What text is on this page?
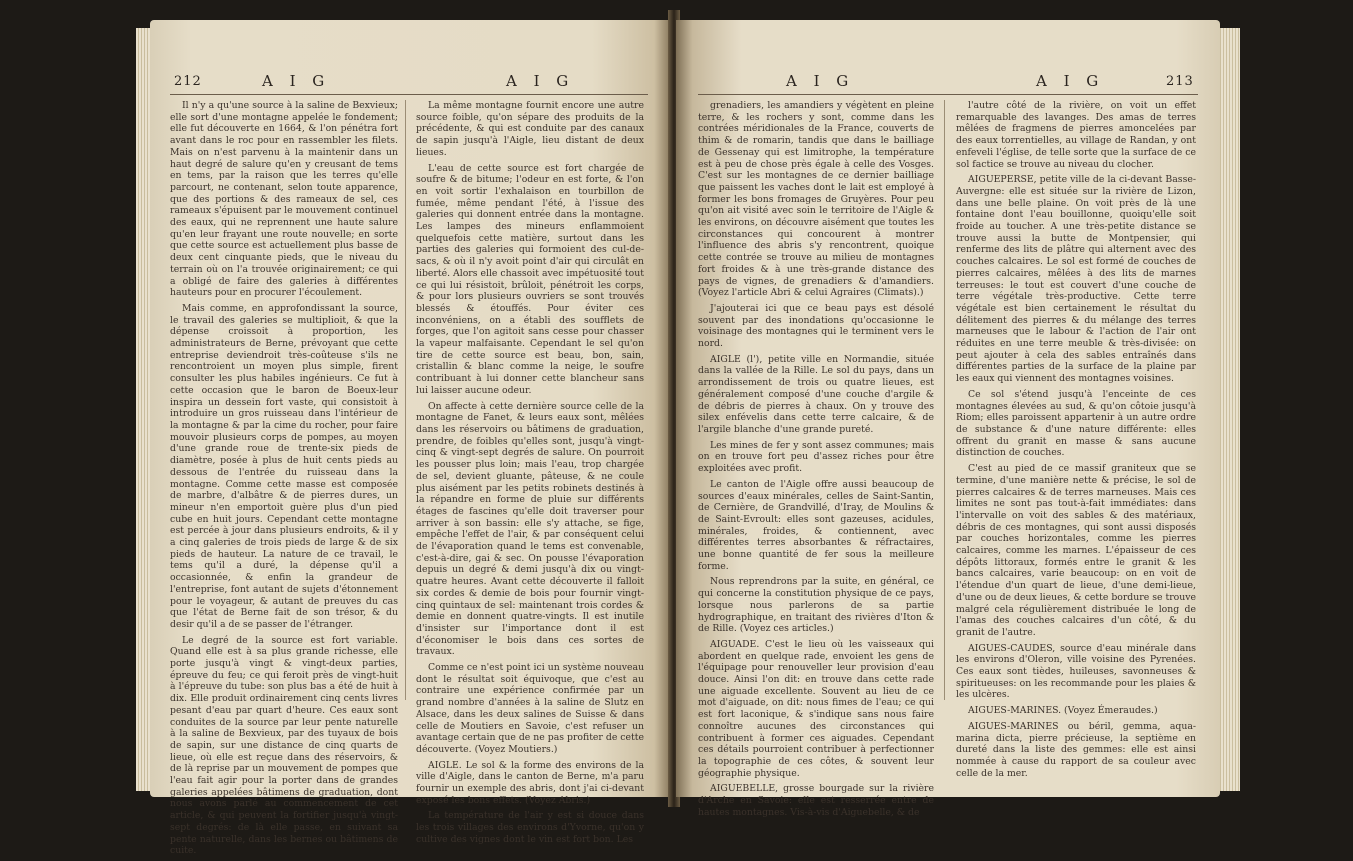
212	A I G	A I G

Il n'y a qu'une source à la saline de Bexvieux; elle sort d'une montagne appelée le fondement; elle fut découverte en 1664, & l'on pénétra fort avant dans le roc pour en rassembler les filets. Mais on n'est parvenu à la maintenir dans un haut degré de salure qu'en y creusant de tems en tems, par la raison que les terres qu'elle parcourt, ne contenant, selon toute apparence, que des portions & des rameaux de sel, ces rameaux s'épuisent par le mouvement continuel des eaux, qui ne reprennent une haute salure qu'en leur frayant une route nouvelle; en sorte que cette source est actuellement plus basse de deux cent cinquante pieds, que le niveau du terrain où on l'a trouvée originairement; ce qui a obligé de faire des galeries à différentes hauteurs pour en procurer l'écoulement.

Mais comme, en approfondissant la source, le travail des galeries se multiplioit, & que la dépense croissoit à proportion, les administrateurs de Berne, prévoyant que cette entreprise deviendroit très-coûteuse s'ils ne rencontroient un moyen plus simple, firent consulter les plus habiles ingénieurs. Ce fut à cette occasion que le baron de Boeux-leur inspira un dessein fort vaste, qui consistoit à introduire un gros ruisseau dans l'intérieur de la montagne & par la cime du rocher, pour faire mouvoir plusieurs corps de pompes, au moyen d'une grande roue de trente-six pieds de diamètre, posée à plus de huit cents pieds au dessous de l'entrée du ruisseau dans la montagne. Comme cette masse est composée de marbre, d'albâtre & de pierres dures, un mineur n'en emportoit guère plus d'un pied cube en huit jours. Cependant cette montagne est percée à jour dans plusieurs endroits, & il y a cinq galeries de trois pieds de large & de six pieds de hauteur. La nature de ce travail, le tems qu'il a duré, la dépense qu'il a occasionnée, & enfin la grandeur de l'entreprise, font autant de sujets d'étonnement pour le voyageur, & autant de preuves du cas que l'état de Berne fait de son trésor, & du desir qu'il a de se passer de l'étranger.

Le degré de la source est fort variable. Quand elle est à sa plus grande richesse, elle porte jusqu'à vingt & vingt-deux parties, épreuve du feu; ce qui feroit près de vingt-huit à l'épreuve du tube: son plus bas a été de huit à dix. Elle produit ordinairement cinq cents livres pesant d'eau par quart d'heure. Ces eaux sont conduites de la source par leur pente naturelle à la saline de Bexvieux, par des tuyaux de bois de sapin, sur une distance de cinq quarts de lieue, où elle est reçue dans des réservoirs, & de là reprise par un mouvement de pompes que l'eau fait agir pour la porter dans de grandes galeries appelées bâtimens de graduation, dont nous avons parlé au commencement de cet article, & qui peuvent la fortifier jusqu'à vingt-sept degrés: de là elle passe, en suivant sa pente naturelle, dans les bernes ou bâtimens de cuite.

La même montagne fournit encore une autre source foible, qu'on sépare des produits de la précédente, & qui est conduite par des canaux de sapin jusqu'à l'Aigle, lieu distant de deux lieues.

L'eau de cette source est fort chargée de soufre & de bitume; l'odeur en est forte, & l'on en voit sortir l'exhalaison en tourbillon de fumée, même pendant l'été, à l'issue des galeries qui donnent entrée dans la montagne. Les lampes des mineurs enflammoient quelquefois cette matière, surtout dans les parties des galeries qui formoient des cul-de-sacs, & où il n'y avoit point d'air qui circulât en liberté. Alors elle chassoit avec impétuosité tout ce qui lui résistoit, brûloit, pénétroit les corps, & pour lors plusieurs ouvriers se sont trouvés blessés & étouffés. Pour éviter ces inconvéniens, on a établi des soufflets de forges, que l'on agitoit sans cesse pour chasser la vapeur malfaisante. Cependant le sel qu'on tire de cette source est beau, bon, sain, cristallin & blanc comme la neige, le soufre contribuant à lui donner cette blancheur sans lui laisser aucune odeur.

On affecte à cette dernière source celle de la montagne de Fanet, & leurs eaux sont, mêlées dans les réservoirs ou bâtimens de graduation, prendre, de foibles qu'elles sont, jusqu'à vingt-cinq & vingt-sept degrés de salure. On pourroit les pousser plus loin; mais l'eau, trop chargée de sel, devient gluante, pâteuse, & ne coule plus aisément par les petits robinets destinés à la répandre en forme de pluie sur différents étages de fascines qu'elle doit traverser pour arriver à son bassin: elle s'y attache, se fige, empêche l'effet de l'air, & par conséquent celui de l'évaporation quand le tems est convenable, c'est-à-dire, gai & sec. On pousse l'évaporation depuis un degré & demi jusqu'à dix ou vingt-quatre heures. Avant cette découverte il falloit six cordes & demie de bois pour fournir vingt-cinq quintaux de sel: maintenant trois cordes & demie en donnent quatre-vingts. Il est inutile d'insister sur l'importance dont il est d'économiser le bois dans ces sortes de travaux.

Comme ce n'est point ici un système nouveau dont le résultat soit équivoque, que c'est au contraire une expérience confirmée par un grand nombre d'années à la saline de Slutz en Alsace, dans les deux salines de Suisse & dans celle de Moutiers en Savoie, c'est refuser un avantage certain que de ne pas profiter de cette découverte. (Voyez Moutiers.)

AIGLE. Le sol & la forme des environs de la ville d'Aigle, dans le canton de Berne, m'a paru fournir un exemple des abris, dont j'ai ci-devant exposé les bons effets. (Voyez Abris.)

La température de l'air y est si douce dans les trois villages des environs d'Yvorne, qu'on y cultive des vignes dont le vin est fort bon. Les

A I G	A I G	213

grenadiers, les amandiers y végètent en pleine terre, & les rochers y sont, comme dans les contrées méridionales de la France, couverts de thim & de romarin, tandis que dans le bailliage de Gessenay qui est limitrophe, la température est à peu de chose près égale à celle des Vosges. C'est sur les montagnes de ce dernier bailliage que paissent les vaches dont le lait est employé à former les bons fromages de Gruyères. Pour peu qu'on ait visité avec soin le territoire de l'Aigle & les environs, on découvre aisément que toutes les circonstances qui concourent à montrer l'influence des abris s'y rencontrent, quoique cette contrée se trouve au milieu de montagnes fort froides & à une très-grande distance des pays de vignes, de grenadiers & d'amandiers. (Voyez l'article Abri & celui Agraires (Climats).)

J'ajouterai ici que ce beau pays est désolé souvent par des inondations qu'occasionne le voisinage des montagnes qui le terminent vers le nord.

AIGLE (l'), petite ville en Normandie, située dans la vallée de la Rille. Le sol du pays, dans un arrondissement de trois ou quatre lieues, est généralement composé d'une couche d'argile & de débris de pierres à chaux. On y trouve des silex enfévelis dans cette terre calcaire, & de l'argile blanche d'une grande pureté.

Les mines de fer y sont assez communes; mais on en trouve fort peu d'assez riches pour être exploitées avec profit.

Le canton de l'Aigle offre aussi beaucoup de sources d'eaux minérales, celles de Saint-Santin, de Cernière, de Grandvillé, d'Iray, de Moulins & de Saint-Evroult: elles sont gazeuses, acidules, minérales, froides, & contiennent, avec différentes terres absorbantes & réfractaires, une bonne quantité de fer sous la meilleure forme.

Nous reprendrons par la suite, en général, ce qui concerne la constitution physique de ce pays, lorsque nous parlerons de sa partie hydrographique, en traitant des rivières d'Iton & de Rille. (Voyez ces articles.)

AIGUADE. C'est le lieu où les vaisseaux qui abordent en quelque rade, envoient les gens de l'équipage pour renouveller leur provision d'eau douce. Ainsi l'on dit: en trouve dans cette rade une aiguade excellente. Souvent au lieu de ce mot d'aiguade, on dit: nous fimes de l'eau; ce qui est fort laconique, & s'indique sans nous faire connoître aucunes des circonstances qui contribuent à former ces aiguades. Cependant ces détails pourroient contribuer à perfectionner la topographie de ces côtes, & souvent leur géographie physique.

AIGUEBELLE, grosse bourgade sur la rivière d'Arche en Savoie: elle est resserrée entre de hautes montagnes. Vis-à-vis d'Aiguebelle, & de

l'autre côté de la rivière, on voit un effet remarquable des lavanges. Des amas de terres mêlées de fragmens de pierres amoncelées par des eaux torrentielles, au village de Randan, y ont enfeveli l'église, de telle sorte que la surface de ce sol factice se trouve au niveau du clocher.

AIGUEPERSE, petite ville de la ci-devant Basse-Auvergne: elle est située sur la rivière de Lizon, dans une belle plaine. On voit près de là une fontaine dont l'eau bouillonne, quoiqu'elle soit froide au toucher. A une très-petite distance se trouve aussi la butte de Montpensier, qui renferme des lits de plâtre qui alternent avec des couches calcaires. Le sol est formé de couches de pierres calcaires, mêlées à des lits de marnes terreuses: le tout est couvert d'une couche de terre végétale très-productive. Cette terre végétale est bien certainement le résultat du délitement des pierres & du mélange des terres marneuses que le labour & l'action de l'air ont réduites en une terre meuble & très-divisée: on peut ajouter à cela des sables entraînés dans différentes parties de la surface de la plaine par les eaux qui viennent des montagnes voisines.

Ce sol s'étend jusqu'à l'enceinte de ces montagnes élevées au sud, & qu'on côtoie jusqu'à Riom; elles paroissent appartenir à un autre ordre de substance & d'une nature différente: elles offrent du granit en masse & sans aucune distinction de couches.

C'est au pied de ce massif graniteux que se termine, d'une manière nette & précise, le sol de pierres calcaires & de terres marneuses. Mais ces limites ne sont pas tout-à-fait immédiates: dans l'intervalle on voit des sables & des matériaux, débris de ces montagnes, qui sont aussi disposés par couches horizontales, comme les pierres calcaires, comme les marnes. L'épaisseur de ces dépôts littoraux, formés entre le granit & les bancs calcaires, varie beaucoup: on en voit de l'étendue d'un quart de lieue, d'une demi-lieue, d'une ou de deux lieues, & cette bordure se trouve malgré cela régulièrement distribuée le long de l'amas des couches calcaires d'un côté, & du granit de l'autre.

AIGUES-CAUDES, source d'eau minérale dans les environs d'Oleron, ville voisine des Pyrenées. Ces eaux sont tièdes, huileuses, savonneuses & spiritueuses: on les recommande pour les plaies & les ulcères.

AIGUES-MARINES. (Voyez Émeraudes.)

AIGUES-MARINES ou béril, gemma, aqua-marina dicta, pierre précieuse, la septième en dureté dans la liste des gemmes: elle est ainsi nommée à cause du rapport de sa couleur avec celle de la mer.
